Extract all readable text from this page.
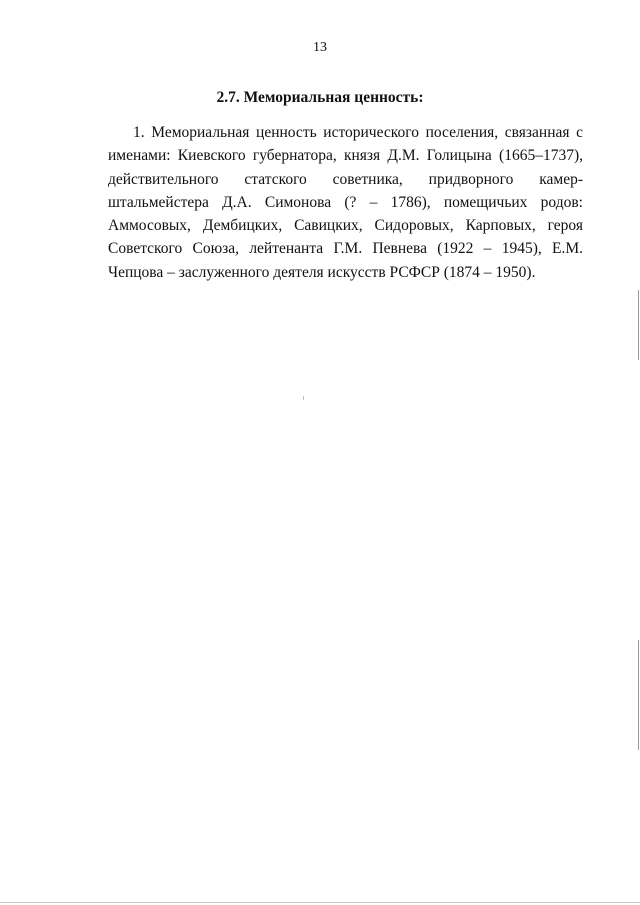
13

2.7. Мемориальная ценность:

1. Мемориальная ценность исторического поселения, связанная с именами: Киевского губернатора, князя Д.М. Голицына (1665–1737), действительного статского советника, придворного камер-штальмейстера Д.А. Симонова (? – 1786), помещичьих родов: Аммосовых, Дембицких, Савицких, Сидоровых, Карповых, героя Советского Союза, лейтенанта Г.М. Певнева (1922 – 1945), Е.М. Чепцова – заслуженного деятеля искусств РСФСР (1874 – 1950).
